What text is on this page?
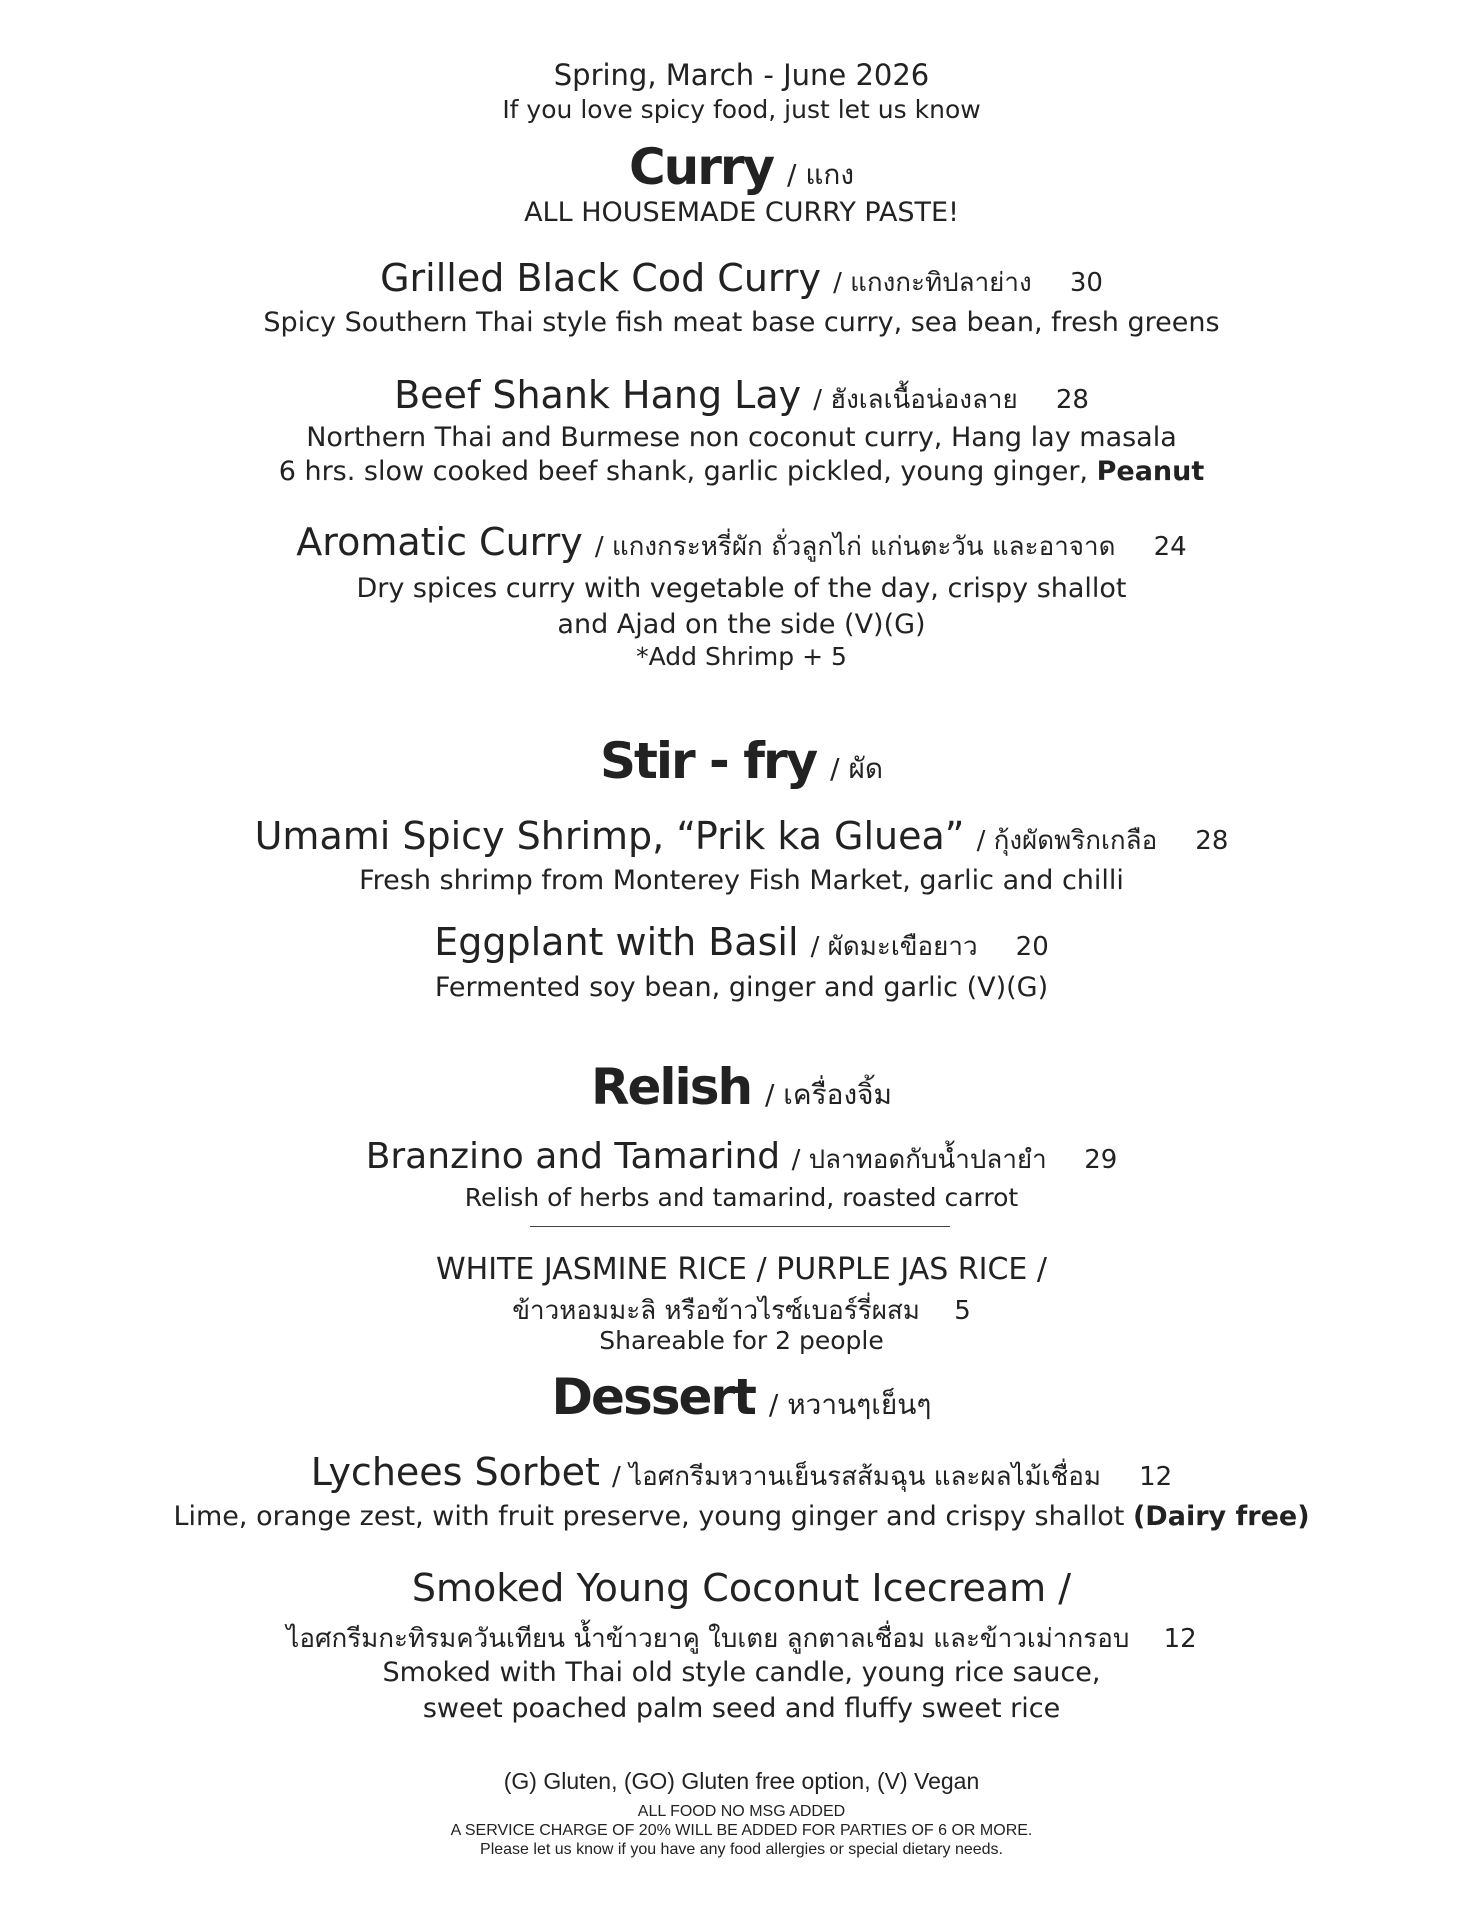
Spring, March - June 2026
If you love spicy food, just let us know
Curry / แกง
ALL HOUSEMADE CURRY PASTE!
Grilled Black Cod Curry / แกงกะทิปลาย่าง 30
Spicy Southern Thai style fish meat base curry, sea bean, fresh greens
Beef Shank Hang Lay / ฮังเลเนื้อน่องลาย 28
Northern Thai and Burmese non coconut curry, Hang lay masala
6 hrs. slow cooked beef shank, garlic pickled, young ginger, Peanut
Aromatic Curry / แกงกระหรี่ผัก ถั่วลูกไก่ แก่นตะวัน และอาจาด 24
Dry spices curry with vegetable of the day, crispy shallot
and Ajad on the side (V)(G)
*Add Shrimp + 5
Stir - fry / ผัด
Umami Spicy Shrimp, “Prik ka Gluea” / กุ้งผัดพริกเกลือ 28
Fresh shrimp from Monterey Fish Market, garlic and chilli
Eggplant with Basil / ผัดมะเขือยาว 20
Fermented soy bean, ginger and garlic (V)(G)
Relish / เครื่องจิ้ม
Branzino and Tamarind / ปลาทอดกับน้ำปลายำ 29
Relish of herbs and tamarind, roasted carrot
WHITE JASMINE RICE / PURPLE JAS RICE /
ข้าวหอมมะลิ หรือข้าวไรซ์เบอร์รี่ผสม 5
Shareable for 2 people
Dessert / หวานๆเย็นๆ
Lychees Sorbet / ไอศกรีมหวานเย็นรสส้มฉุน และผลไม้เชื่อม 12
Lime, orange zest, with fruit preserve, young ginger and crispy shallot (Dairy free)
Smoked Young Coconut Icecream /
ไอศกรีมกะทิรมควันเทียน น้ำข้าวยาคู ใบเตย ลูกตาลเชื่อม และข้าวเม่ากรอบ 12
Smoked with Thai old style candle, young rice sauce,
sweet poached palm seed and fluffy sweet rice
(G) Gluten, (GO) Gluten free option, (V) Vegan
ALL FOOD NO MSG ADDED
A SERVICE CHARGE OF 20% WILL BE ADDED FOR PARTIES OF 6 OR MORE.
Please let us know if you have any food allergies or special dietary needs.
